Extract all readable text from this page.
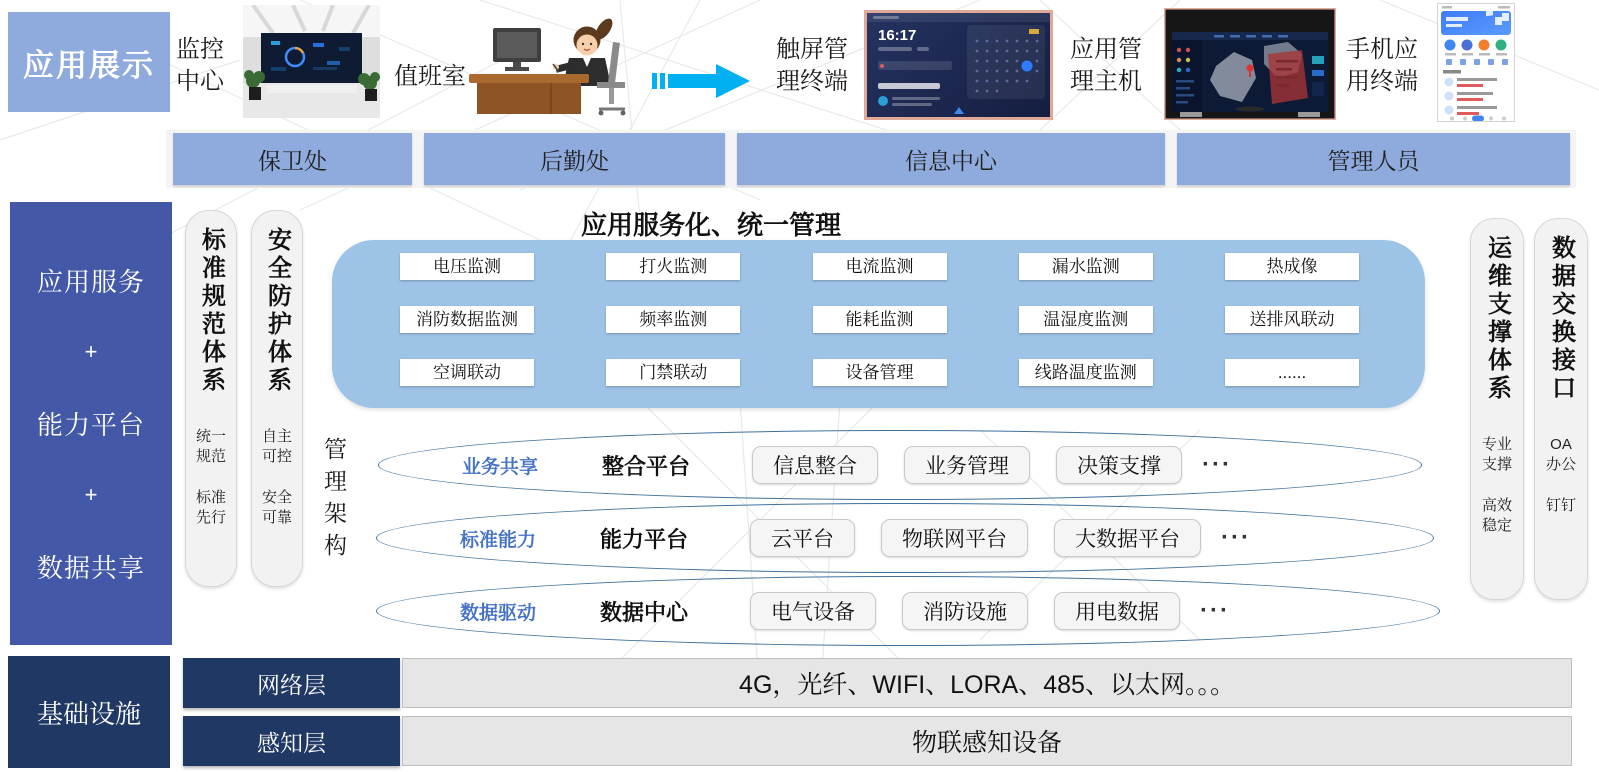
应用展示 监控中心	值班室
触屏管理终端
16:17
应用管理主机
手机应用终端
保卫处	后勤处	信息中心	管理人员
应用服务
+
能力平台
+
数据共享
标准规范体系
统一规范
标准先行
安全防护体系
自主可控
安全可靠 管理架构
应用服务化、统一管理
电压监测	打火监测	电流监测	漏水监测	热成像
消防数据监测	频率监测	能耗监测	温湿度监测	送排风联动
空调联动	门禁联动	设备管理	线路温度监测	......
业务共享	整合平台	信息整合	业务管理	决策支撑	···
标准能力	能力平台	云平台	物联网平台	大数据平台	···
数据驱动	数据中心	电气设备	消防设施	用电数据	···
运维支撑体系
专业支撑
高效稳定
数据交换接口
OA办公
钉钉
基础设施
网络层	4G，光纤、WIFI、LORA、485、以太网。。。
感知层	物联感知设备
